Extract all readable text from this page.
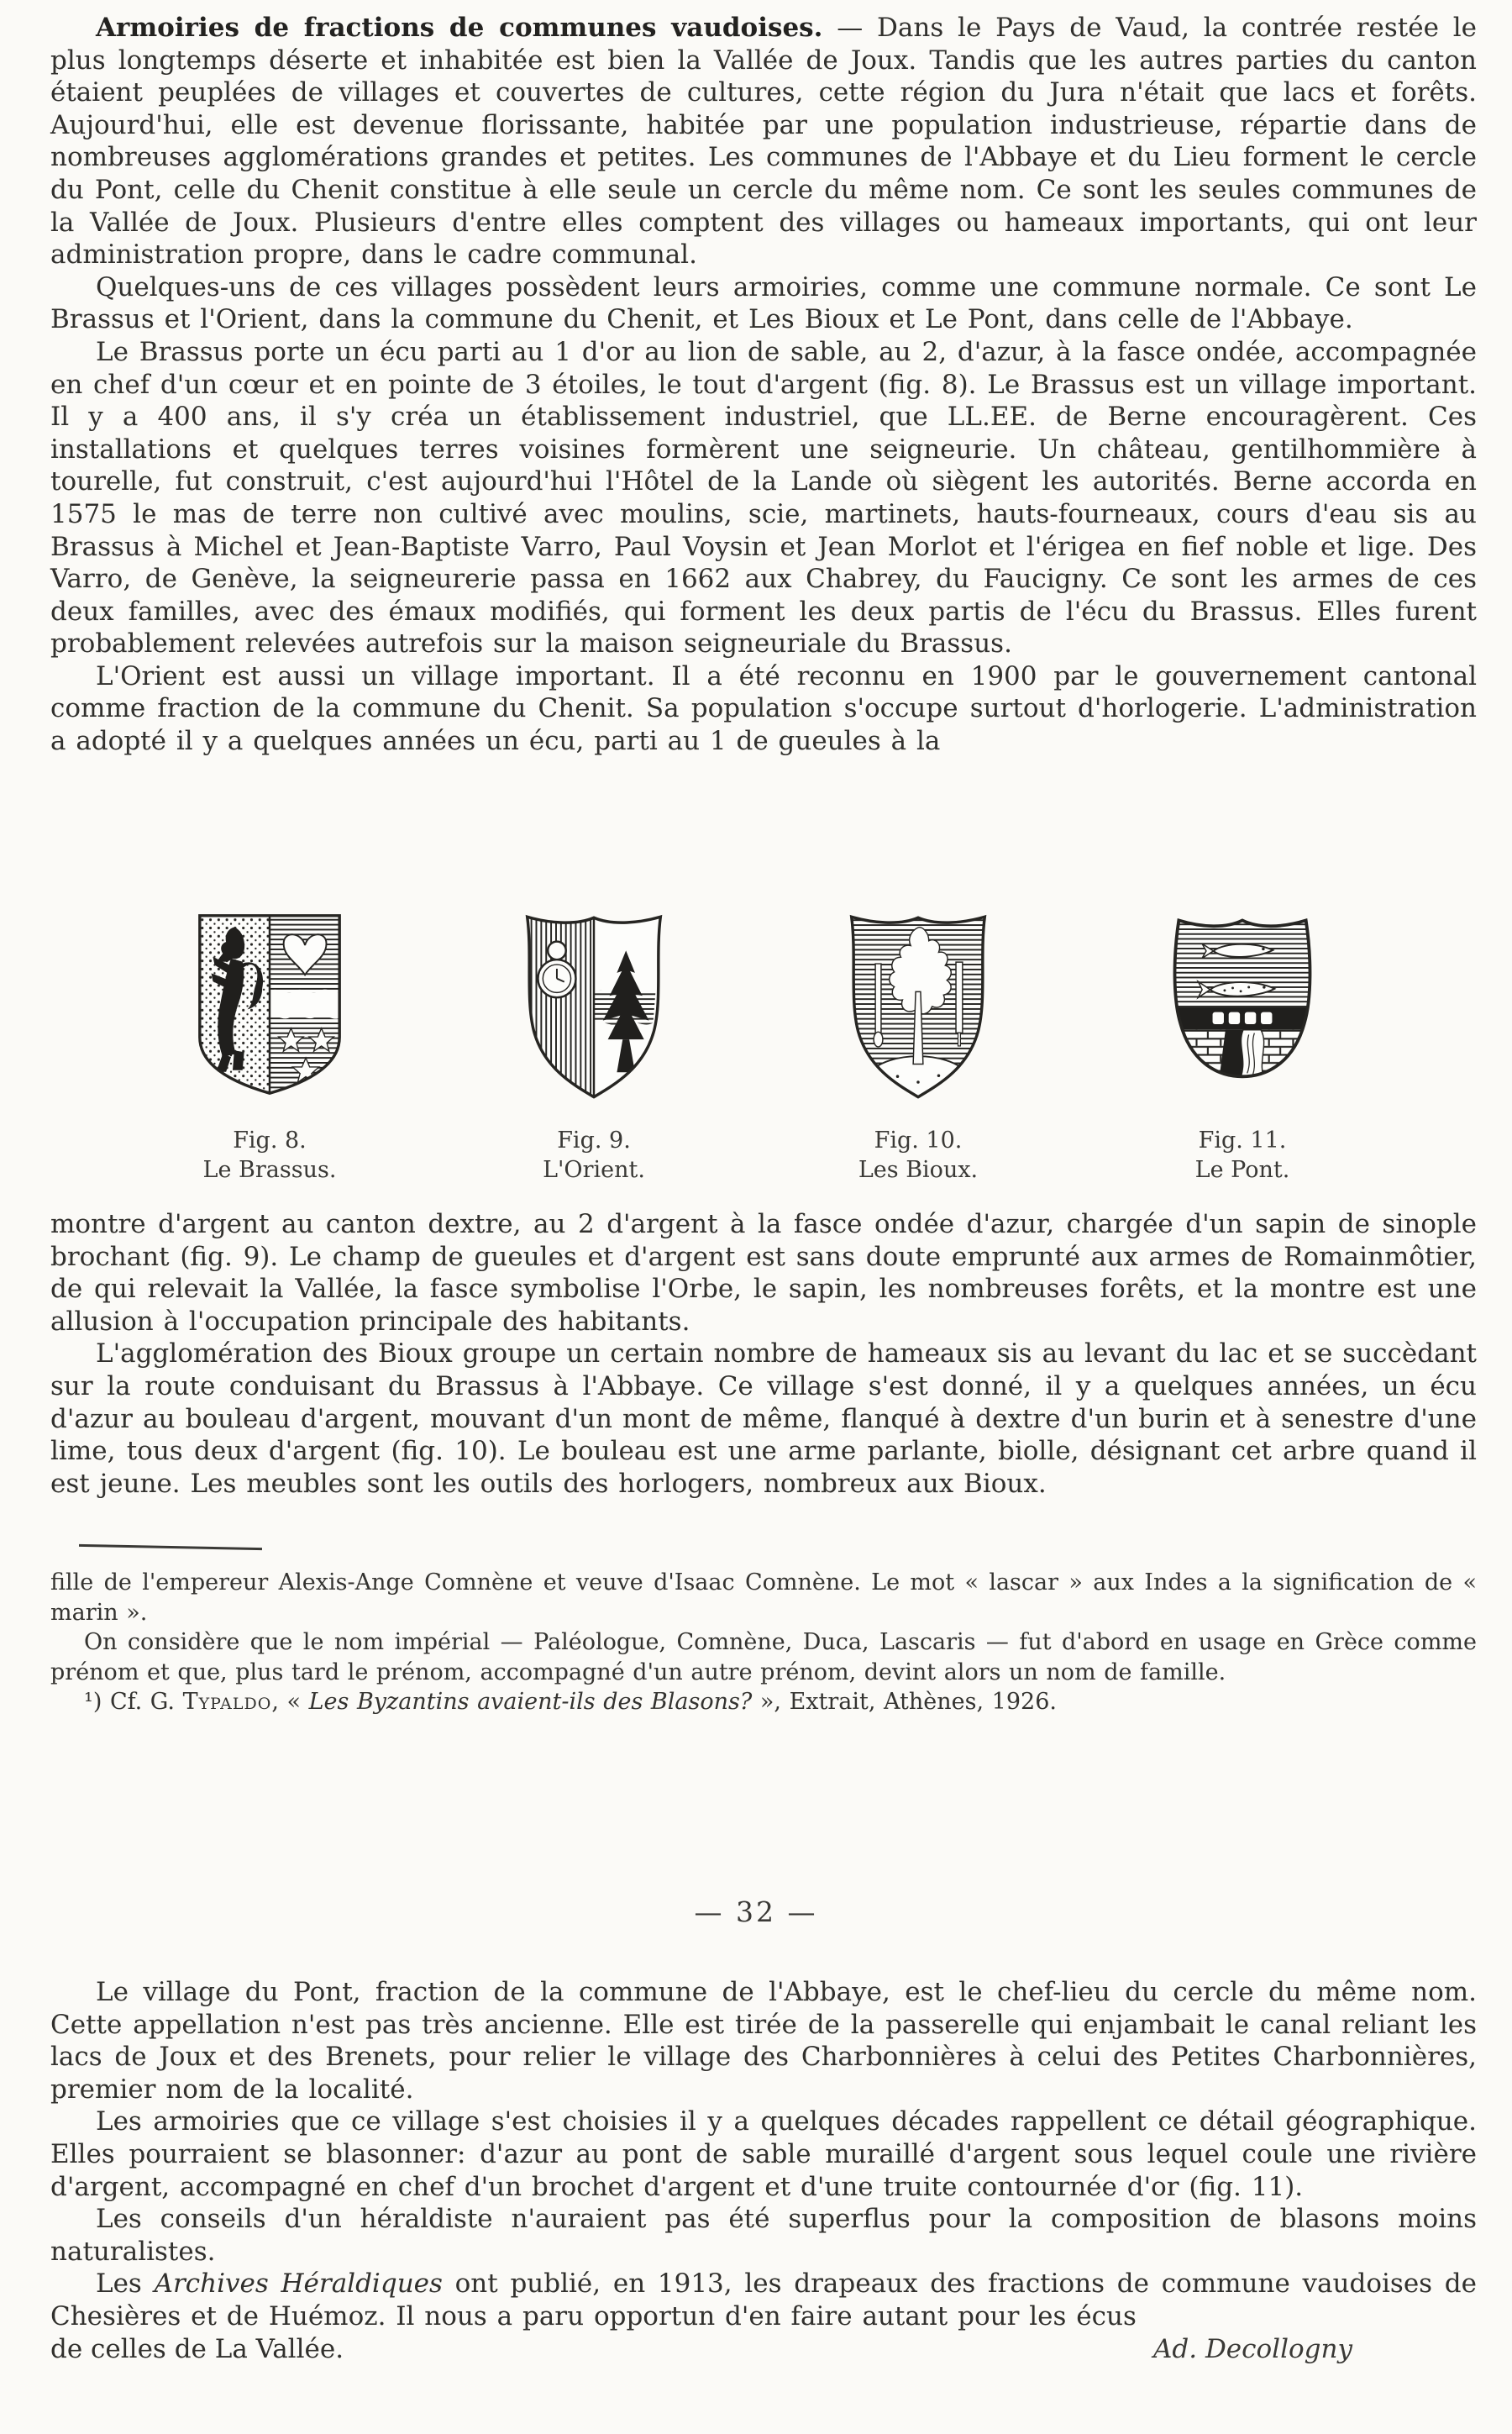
Armoiries de fractions de communes vaudoises. — Dans le Pays de Vaud, la contrée restée le plus longtemps déserte et inhabitée est bien la Vallée de Joux. Tandis que les autres parties du canton étaient peuplées de villages et couvertes de cultures, cette région du Jura n'était que lacs et forêts. Aujourd'hui, elle est devenue florissante, habitée par une population industrieuse, répartie dans de nombreuses agglomérations grandes et petites. Les communes de l'Abbaye et du Lieu forment le cercle du Pont, celle du Chenit constitue à elle seule un cercle du même nom. Ce sont les seules communes de la Vallée de Joux. Plusieurs d'entre elles comptent des villages ou hameaux importants, qui ont leur administration propre, dans le cadre communal.

Quelques-uns de ces villages possèdent leurs armoiries, comme une commune normale. Ce sont Le Brassus et l'Orient, dans la commune du Chenit, et Les Bioux et Le Pont, dans celle de l'Abbaye.

Le Brassus porte un écu parti au 1 d'or au lion de sable, au 2, d'azur, à la fasce ondée, accompagnée en chef d'un cœur et en pointe de 3 étoiles, le tout d'argent (fig. 8). Le Brassus est un village important. Il y a 400 ans, il s'y créa un établissement industriel, que LL.EE. de Berne encouragèrent. Ces installations et quelques terres voisines formèrent une seigneurie. Un château, gentilhommière à tourelle, fut construit, c'est aujourd'hui l'Hôtel de la Lande où siègent les autorités. Berne accorda en 1575 le mas de terre non cultivé avec moulins, scie, martinets, hauts-fourneaux, cours d'eau sis au Brassus à Michel et Jean-Baptiste Varro, Paul Voysin et Jean Morlot et l'érigea en fief noble et lige. Des Varro, de Genève, la seigneurerie passa en 1662 aux Chabrey, du Faucigny. Ce sont les armes de ces deux familles, avec des émaux modifiés, qui forment les deux partis de l'écu du Brassus. Elles furent probablement relevées autrefois sur la maison seigneuriale du Brassus.

L'Orient est aussi un village important. Il a été reconnu en 1900 par le gouvernement cantonal comme fraction de la commune du Chenit. Sa population s'occupe surtout d'horlogerie. L'administration a adopté il y a quelques années un écu, parti au 1 de gueules à la

Fig. 8.
Le Brassus.
Fig. 9.
L'Orient.
Fig. 10.
Les Bioux.
Fig. 11.
Le Pont.

montre d'argent au canton dextre, au 2 d'argent à la fasce ondée d'azur, chargée d'un sapin de sinople brochant (fig. 9). Le champ de gueules et d'argent est sans doute emprunté aux armes de Romainmôtier, de qui relevait la Vallée, la fasce symbolise l'Orbe, le sapin, les nombreuses forêts, et la montre est une allusion à l'occupation principale des habitants.

L'agglomération des Bioux groupe un certain nombre de hameaux sis au levant du lac et se succèdant sur la route conduisant du Brassus à l'Abbaye. Ce village s'est donné, il y a quelques années, un écu d'azur au bouleau d'argent, mouvant d'un mont de même, flanqué à dextre d'un burin et à senestre d'une lime, tous deux d'argent (fig. 10). Le bouleau est une arme parlante, biolle, désignant cet arbre quand il est jeune. Les meubles sont les outils des horlogers, nombreux aux Bioux.

fille de l'empereur Alexis-Ange Comnène et veuve d'Isaac Comnène. Le mot « lascar » aux Indes a la signification de « marin ».

On considère que le nom impérial — Paléologue, Comnène, Duca, Lascaris — fut d'abord en usage en Grèce comme prénom et que, plus tard le prénom, accompagné d'un autre prénom, devint alors un nom de famille.

¹) Cf. G. Typaldo, « Les Byzantins avaient-ils des Blasons? », Extrait, Athènes, 1926.

— 32 —

Le village du Pont, fraction de la commune de l'Abbaye, est le chef-lieu du cercle du même nom. Cette appellation n'est pas très ancienne. Elle est tirée de la passerelle qui enjambait le canal reliant les lacs de Joux et des Brenets, pour relier le village des Charbonnières à celui des Petites Charbonnières, premier nom de la localité.

Les armoiries que ce village s'est choisies il y a quelques décades rappellent ce détail géographique. Elles pourraient se blasonner: d'azur au pont de sable muraillé d'argent sous lequel coule une rivière d'argent, accompagné en chef d'un brochet d'argent et d'une truite contournée d'or (fig. 11).

Les conseils d'un héraldiste n'auraient pas été superflus pour la composition de blasons moins naturalistes.

Les Archives Héraldiques ont publié, en 1913, les drapeaux des fractions de commune vaudoises de Chesières et de Huémoz. Il nous a paru opportun d'en faire autant pour les écus

de celles de La Vallée.	Ad. Decollogny
